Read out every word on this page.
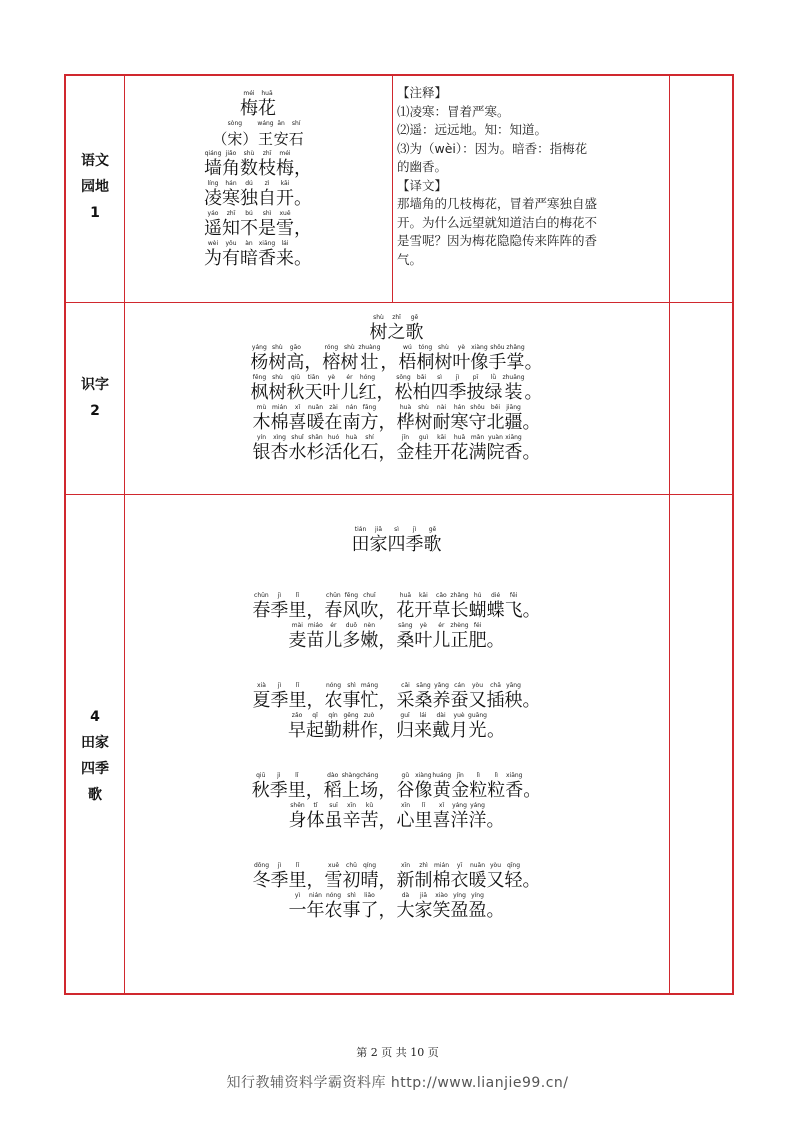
语文
园地
1
méi
梅
huā
花
（
sòng
宋 ）
wáng
王
ān
安
shí
石
qiáng
墙
jiǎo
角
shù
数
zhī
枝
méi
梅 ，
líng
凌
hán
寒
dú
独
zì
自
kāi
开 。
yáo
遥
zhī
知
bú
不
shì
是
xuě
雪 ，
wèi
为
yǒu
有
àn
暗
xiāng
香
lái
来 。
【注释】
⑴凌寒：冒着严寒。
⑵遥：远远地。知：知道。
⑶为（wèi）：因为。暗香：指梅花
的幽香。
【译文】
那墙角的几枝梅花，冒着严寒独自盛
开。为什么远望就知道洁白的梅花不
是雪呢？因为梅花隐隐传来阵阵的香
气。
识字
2
shù
树
zhī
之
gē
歌
yáng
杨
shù
树
gāo
高 ，
róng
榕
shù
树
zhuàng
壮 ，
wú
梧
tóng
桐
shù
树
yè
叶
xiàng
像
shǒu
手
zhǎng
掌 。
fēng
枫
shù
树
qiū
秋
tiān
天
yè
叶
ér
儿
hóng
红 ，
sōng
松
bǎi
柏
sì
四
jì
季
pī
披
lǜ
绿
zhuāng
装 。
mù
木
mián
棉
xǐ
喜
nuǎn
暖
zài
在
nán
南
fāng
方 ，
huà
桦
shù
树
nài
耐
hán
寒
shǒu
守
běi
北
jiāng
疆 。
yín
银
xìng
杏
shuǐ
水
shān
杉
huó
活
huà
化
shí
石 ，
jīn
金
guì
桂
kāi
开
huā
花
mǎn
满
yuàn
院
xiāng
香 。
4
田家
四季
歌
tián
田
jiā
家
sì
四
jì
季
gē
歌
chūn
春
jì
季
lǐ
里 ，
chūn
春
fēng
风
chuī
吹 ，
huā
花
kāi
开
cǎo
草
zhǎng
长
hú
蝴
dié
蝶
fēi
飞 。
mài
麦
miáo
苗
ér
儿
duō
多
nèn
嫩 ，
sāng
桑
yè
叶
ér
儿
zhèng
正
féi
肥 。
xià
夏
jì
季
lǐ
里 ，
nóng
农
shì
事
máng
忙 ，
cǎi
采
sāng
桑
yǎng
养
cán
蚕
yòu
又
chā
插
yāng
秧 。
zǎo
早
qǐ
起
qín
勤
gēng
耕
zuò
作 ，
guī
归
lái
来
dài
戴
yuè
月
guāng
光 。
qiū
秋
jì
季
lǐ
里 ，
dào
稻
shàng
上
cháng
场 ，
gǔ
谷
xiàng
像
huáng
黄
jīn
金
lì
粒
lì
粒
xiāng
香 。
shēn
身
tǐ
体
suī
虽
xīn
辛
kǔ
苦 ，
xīn
心
lǐ
里
xǐ
喜
yáng
洋
yáng
洋 。
dōng
冬
jì
季
lǐ
里 ，
xuě
雪
chū
初
qíng
晴 ，
xīn
新
zhì
制
mián
棉
yī
衣
nuǎn
暖
yòu
又
qīng
轻 。
yì
一
nián
年
nóng
农
shì
事
liǎo
了 ，
dà
大
jiā
家
xiào
笑
yíng
盈
yíng
盈 。
第 2 页 共 10 页
知行教辅资料学霸资料库 http://www.lianjie99.cn/
